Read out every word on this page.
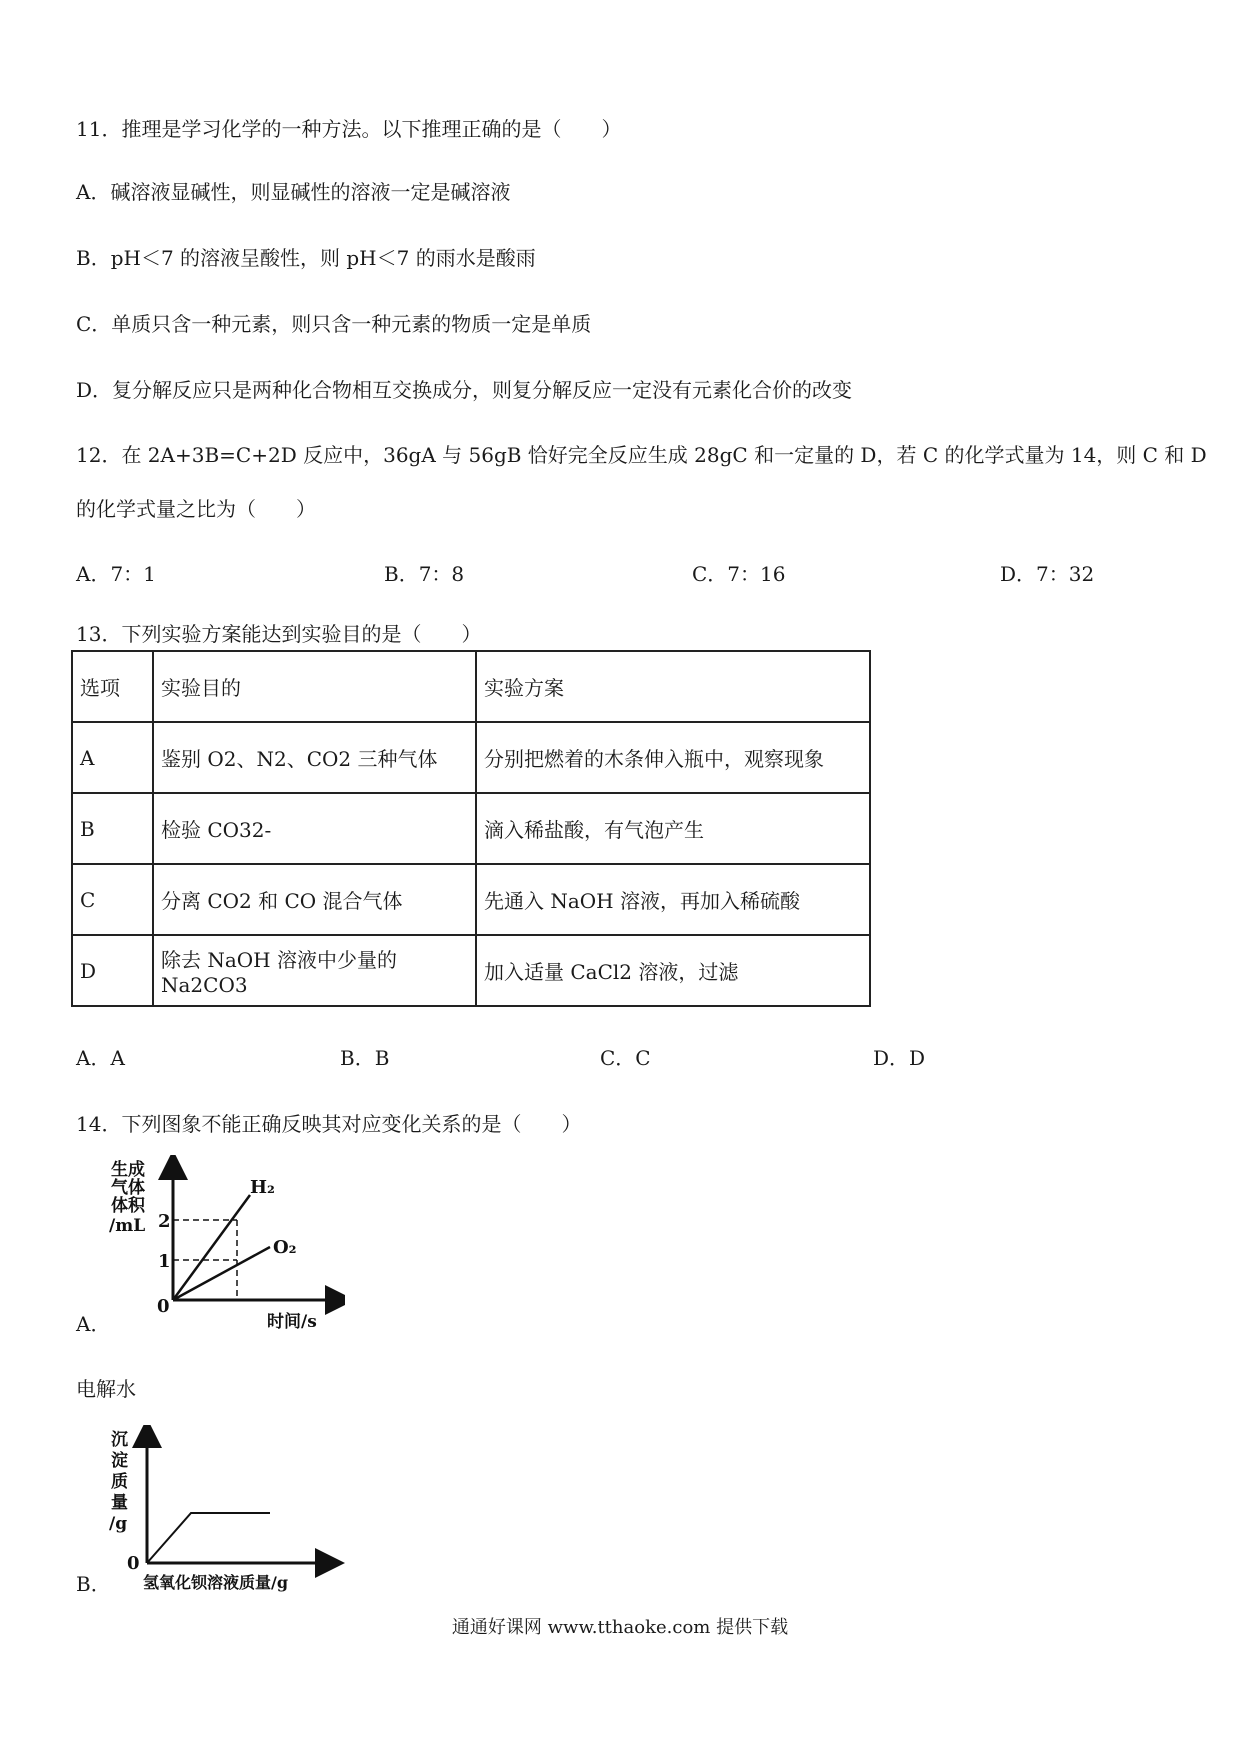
11．推理是学习化学的一种方法。以下推理正确的是（　　）
A．碱溶液显碱性，则显碱性的溶液一定是碱溶液
B．pH＜7 的溶液呈酸性，则 pH＜7 的雨水是酸雨
C．单质只含一种元素，则只含一种元素的物质一定是单质
D．复分解反应只是两种化合物相互交换成分，则复分解反应一定没有元素化合价的改变
12．在 2A+3B=C+2D 反应中，36gA 与 56gB 恰好完全反应生成 28gC 和一定量的 D，若 C 的化学式量为 14，则 C 和 D
的化学式量之比为（　　）
A．7：1	B．7：8	C．7：16	D．7：32
13．下列实验方案能达到实验目的是（　　）
选项	实验目的	实验方案
A	鉴别 O2、N2、CO2 三种气体	分别把燃着的木条伸入瓶中，观察现象
B	检验 CO32-	滴入稀盐酸，有气泡产生
C	分离 CO2 和 CO 混合气体	先通入 NaOH 溶液，再加入稀硫酸
D	除去 NaOH 溶液中少量的 Na2CO3	加入适量 CaCl2 溶液，过滤
A．A	B．B	C．C	D．D
14．下列图象不能正确反映其对应变化关系的是（　　）
生成
气体
体积
/mL
H₂
O₂
2
1
0
时间/s
A．
电解水
沉
淀
质
量
/g
0
氢氧化钡溶液质量/g
B．
通通好课网 www.tthaoke.com 提供下载
